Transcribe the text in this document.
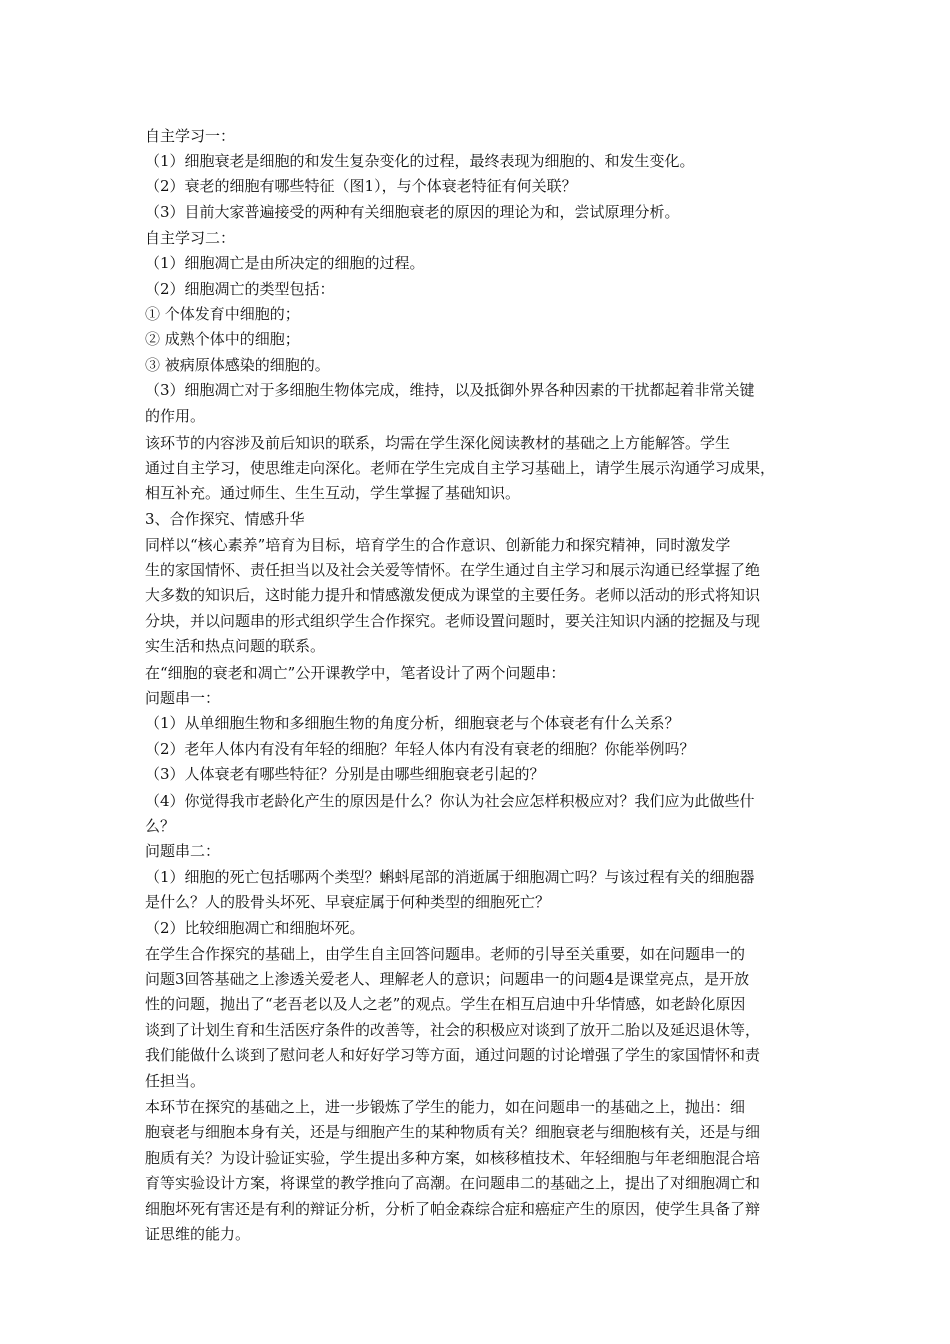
自主学习一：
（1）细胞衰老是细胞的和发生复杂变化的过程，最终表现为细胞的、和发生变化。
（2）衰老的细胞有哪些特征（图1），与个体衰老特征有何关联？
（3）目前大家普遍接受的两种有关细胞衰老的原因的理论为和，尝试原理分析。
自主学习二：
（1）细胞凋亡是由所决定的细胞的过程。
（2）细胞凋亡的类型包括：
① 个体发育中细胞的；
② 成熟个体中的细胞；
③ 被病原体感染的细胞的。
（3）细胞凋亡对于多细胞生物体完成，维持，以及抵御外界各种因素的干扰都起着非常关键
的作用。
该环节的内容涉及前后知识的联系，均需在学生深化阅读教材的基础之上方能解答。学生
通过自主学习，使思维走向深化。老师在学生完成自主学习基础上，请学生展示沟通学习成果，
相互补充。通过师生、生生互动，学生掌握了基础知识。
3、合作探究、情感升华
同样以“核心素养”培育为目标，培育学生的合作意识、创新能力和探究精神，同时激发学
生的家国情怀、责任担当以及社会关爱等情怀。在学生通过自主学习和展示沟通已经掌握了绝
大多数的知识后，这时能力提升和情感激发便成为课堂的主要任务。老师以活动的形式将知识
分块，并以问题串的形式组织学生合作探究。老师设置问题时，要关注知识内涵的挖掘及与现
实生活和热点问题的联系。
在“细胞的衰老和凋亡”公开课教学中，笔者设计了两个问题串：
问题串一：
（1）从单细胞生物和多细胞生物的角度分析，细胞衰老与个体衰老有什么关系？
（2）老年人体内有没有年轻的细胞？年轻人体内有没有衰老的细胞？你能举例吗？
（3）人体衰老有哪些特征？分别是由哪些细胞衰老引起的？
（4）你觉得我市老龄化产生的原因是什么？你认为社会应怎样积极应对？我们应为此做些什
么？
问题串二：
（1）细胞的死亡包括哪两个类型？蝌蚪尾部的消逝属于细胞凋亡吗？与该过程有关的细胞器
是什么？人的股骨头坏死、早衰症属于何种类型的细胞死亡？
（2）比较细胞凋亡和细胞坏死。
在学生合作探究的基础上，由学生自主回答问题串。老师的引导至关重要，如在问题串一的
问题3回答基础之上渗透关爱老人、理解老人的意识；问题串一的问题4是课堂亮点，是开放
性的问题，抛出了“老吾老以及人之老”的观点。学生在相互启迪中升华情感，如老龄化原因
谈到了计划生育和生活医疗条件的改善等，社会的积极应对谈到了放开二胎以及延迟退休等，
我们能做什么谈到了慰问老人和好好学习等方面，通过问题的讨论增强了学生的家国情怀和责
任担当。
本环节在探究的基础之上，进一步锻炼了学生的能力，如在问题串一的基础之上，抛出：细
胞衰老与细胞本身有关，还是与细胞产生的某种物质有关？细胞衰老与细胞核有关，还是与细
胞质有关？为设计验证实验，学生提出多种方案，如核移植技术、年轻细胞与年老细胞混合培
育等实验设计方案，将课堂的教学推向了高潮。在问题串二的基础之上，提出了对细胞凋亡和
细胞坏死有害还是有利的辩证分析，分析了帕金森综合症和癌症产生的原因，使学生具备了辩
证思维的能力。
